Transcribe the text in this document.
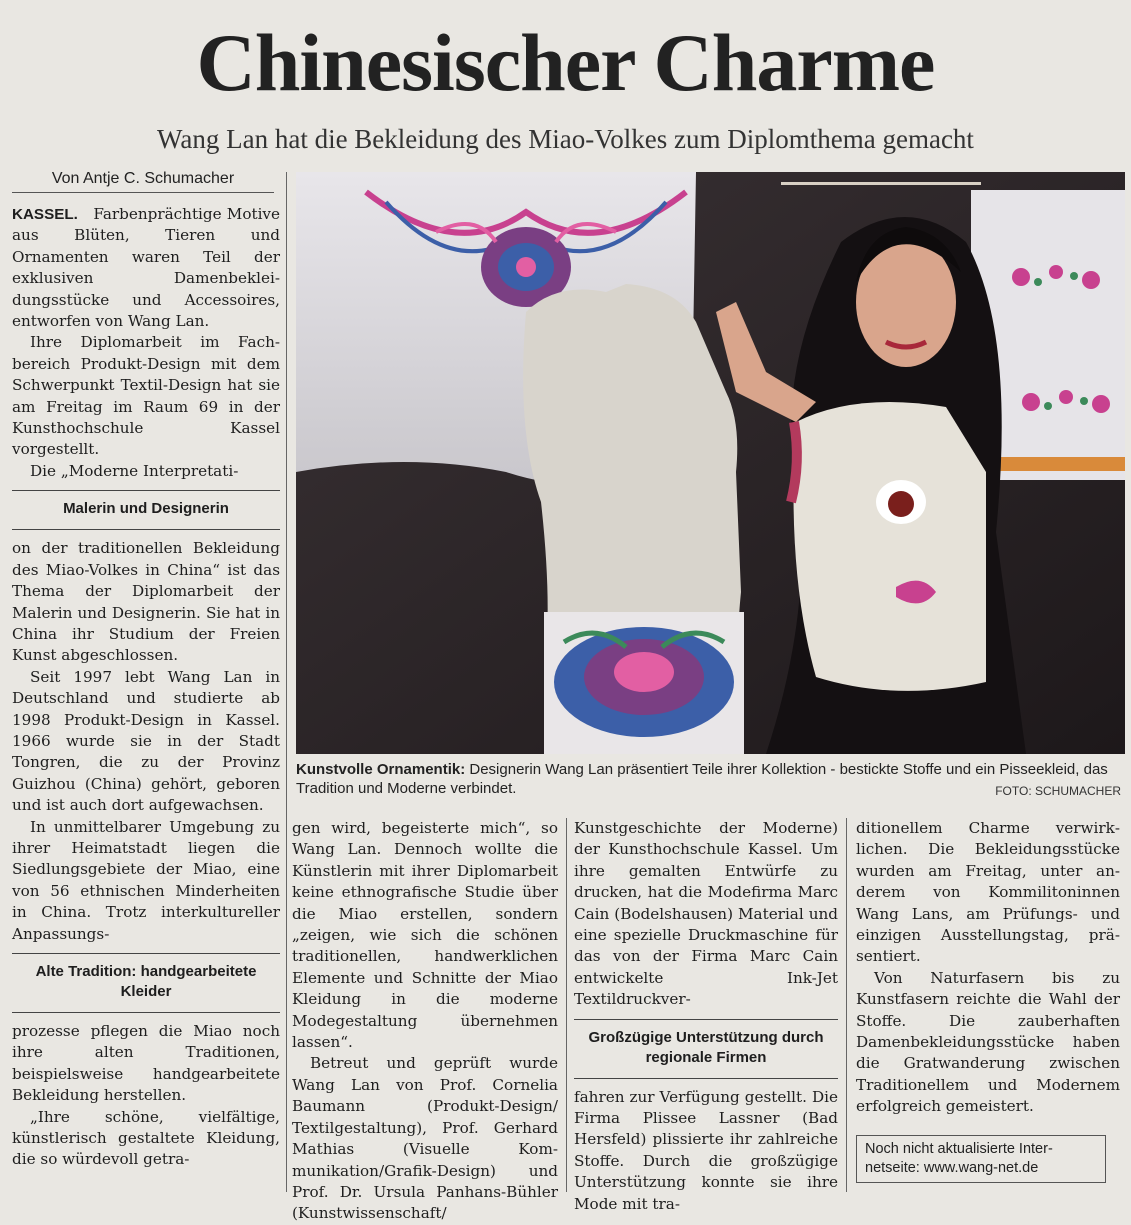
Chinesischer Charme
Wang Lan hat die Bekleidung des Miao-Volkes zum Diplomthema gemacht
Von Antje C. Schumacher

KASSEL. Farbenprächtige Motive aus Blüten, Tieren und Ornamenten waren Teil der exklusiven Damenbekleidungsstücke und Accessoires, entworfen von Wang Lan.

Ihre Diplomarbeit im Fachbereich Produkt-Design mit dem Schwerpunkt Textil-Design hat sie am Freitag im Raum 69 in der Kunsthochschule Kassel vorgestellt.

Die „Moderne Interpretati-

Malerin und Designerin

on der traditionellen Bekleidung des Miao-Volkes in China“ ist das Thema der Diplomarbeit der Malerin und Designerin. Sie hat in China ihr Studium der Freien Kunst abgeschlossen.

Seit 1997 lebt Wang Lan in Deutschland und studierte ab 1998 Produkt-Design in Kassel. 1966 wurde sie in der Stadt Tongren, die zu der Provinz Guizhou (China) gehört, geboren und ist auch dort aufgewachsen.

In unmittelbarer Umgebung zu ihrer Heimatstadt liegen die Siedlungsgebiete der Miao, eine von 56 ethnischen Minderheiten in China. Trotz interkultureller Anpassungs-

Alte Tradition: handgearbeitete Kleider

prozesse pflegen die Miao noch ihre alten Traditionen, beispielsweise handgearbeitete Bekleidung herstellen.

„Ihre schöne, vielfältige, künstlerisch gestaltete Kleidung, die so würdevoll getra-

Kunstvolle Ornamentik: Designerin Wang Lan präsentiert Teile ihrer Kollektion - bestickte Stoffe und ein Pisseekleid, das Tradition und Moderne verbindet.	FOTO: SCHUMACHER

gen wird, begeisterte mich“, so Wang Lan. Dennoch wollte die Künstlerin mit ihrer Diplomarbeit keine ethnografische Studie über die Miao erstellen, sondern „zeigen, wie sich die schönen traditionellen, handwerklichen Elemente und Schnitte der Miao Kleidung in die moderne Modegestaltung übernehmen lassen“.

Betreut und geprüft wurde Wang Lan von Prof. Cornelia Baumann (Produkt-Design/ Textilgestaltung), Prof. Gerhard Mathias (Visuelle Kommunikation/Grafik-Design) und Prof. Dr. Ursula Panhans-Bühler (Kunstwissenschaft/

Kunstgeschichte der Moderne) der Kunsthochschule Kassel. Um ihre gemalten Entwürfe zu drucken, hat die Modefirma Marc Cain (Bodelshausen) Material und eine spezielle Druckmaschine für das von der Firma Marc Cain entwickelte Ink-Jet Textildruckver-

Großzügige Unterstützung durch regionale Firmen

fahren zur Verfügung gestellt. Die Firma Plissee Lassner (Bad Hersfeld) plissierte ihr zahlreiche Stoffe. Durch die großzügige Unterstützung konnte sie ihre Mode mit tra-

ditionellem Charme verwirklichen. Die Bekleidungsstücke wurden am Freitag, unter anderem von Kommilitoninnen Wang Lans, am Prüfungs- und einzigen Ausstellungstag, präsentiert.

Von Naturfasern bis zu Kunstfasern reichte die Wahl der Stoffe. Die zauberhaften Damenbekleidungsstücke haben die Gratwanderung zwischen Traditionellem und Modernem erfolgreich gemeistert.

Noch nicht aktualisierte Internetseite: www.wang-net.de
